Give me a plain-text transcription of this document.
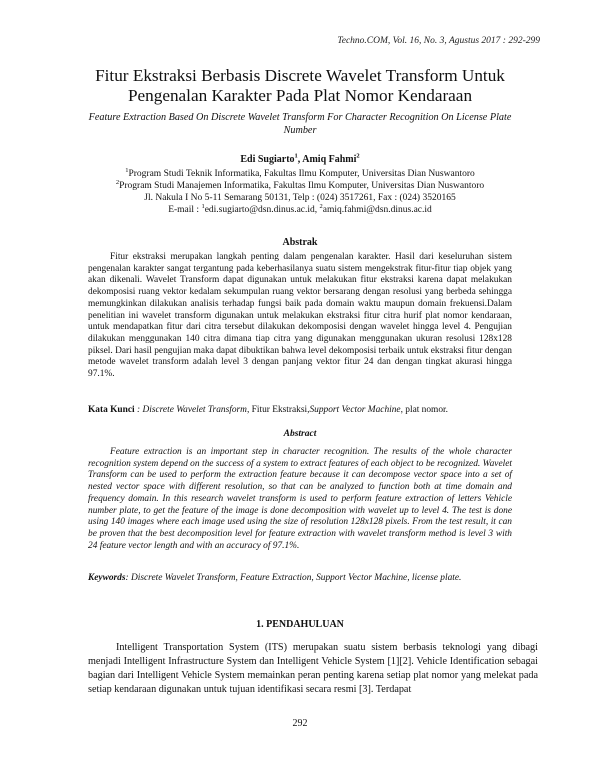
Techno.COM, Vol. 16, No. 3, Agustus 2017 : 292-299
Fitur Ekstraksi Berbasis Discrete Wavelet Transform Untuk
Pengenalan Karakter Pada Plat Nomor Kendaraan
Feature Extraction Based On Discrete Wavelet Transform For Character Recognition On License Plate Number
Edi Sugiarto$^1$, Amiq Fahmi$^2$
$^1$Program Studi Teknik Informatika, Fakultas Ilmu Komputer, Universitas Dian Nuswantoro
$^2$Program Studi Manajemen Informatika, Fakultas Ilmu Komputer, Universitas Dian Nuswantoro
Jl. Nakula I No 5-11 Semarang 50131, Telp : (024) 3517261, Fax : (024) 3520165
E-mail : $^1$edi.sugiarto@dsn.dinus.ac.id, $^2$amiq.fahmi@dsn.dinus.ac.id
Abstrak
Fitur ekstraksi merupakan langkah penting dalam pengenalan karakter. Hasil dari keseluruhan sistem pengenalan karakter sangat tergantung pada keberhasilanya suatu sistem mengekstrak fitur-fitur tiap objek yang akan dikenali. Wavelet Transform dapat digunakan untuk melakukan fitur ekstraksi karena dapat melakukan dekomposisi ruang vektor kedalam sekumpulan ruang vektor bersarang dengan resolusi yang berbeda sehingga memungkinkan dilakukan analisis terhadap fungsi baik pada domain waktu maupun domain frekuensi.Dalam penelitian ini wavelet transform digunakan untuk melakukan ekstraksi fitur citra hurif plat nomor kendaraan, untuk mendapatkan fitur dari citra tersebut dilakukan dekomposisi dengan wavelet hingga level 4. Pengujian dilakukan menggunakan 140 citra dimana tiap citra yang digunakan menggunakan ukuran resolusi 128x128 piksel. Dari hasil pengujian maka dapat dibuktikan bahwa level dekomposisi terbaik untuk ekstraksi fitur dengan metode wavelet transform adalah level 3 dengan panjang vektor fitur 24 dan dengan tingkat akurasi hingga 97.1%.
Kata Kunci : Discrete Wavelet Transform, Fitur Ekstraksi,Support Vector Machine, plat nomor.
Abstract
Feature extraction is an important step in character recognition. The results of the whole character recognition system depend on the success of a system to extract features of each object to be recognized. Wavelet Transform can be used to perform the extraction feature because it can decompose vector space into a set of nested vector space with different resolution, so that can be analyzed to function both at time domain and frequency domain. In this research wavelet transform is used to perform feature extraction of letters Vehicle number plate, to get the feature of the image is done decomposition with wavelet up to level 4. The test is done using 140 images where each image used using the size of resolution 128x128 pixels. From the test result, it can be proven that the best decomposition level for feature extraction with wavelet transform method is level 3 with 24 feature vector length and with an accuracy of 97.1%.
Keywords: Discrete Wavelet Transform, Feature Extraction, Support Vector Machine, license plate.
1. PENDAHULUAN
Intelligent Transportation System (ITS) merupakan suatu sistem berbasis teknologi yang dibagi menjadi Intelligent Infrastructure System dan Intelligent Vehicle System [1][2]. Vehicle Identification sebagai bagian dari Intelligent Vehicle System memainkan peran penting karena setiap plat nomor yang melekat pada setiap kendaraan digunakan untuk tujuan identifikasi secara resmi [3]. Terdapat
292
